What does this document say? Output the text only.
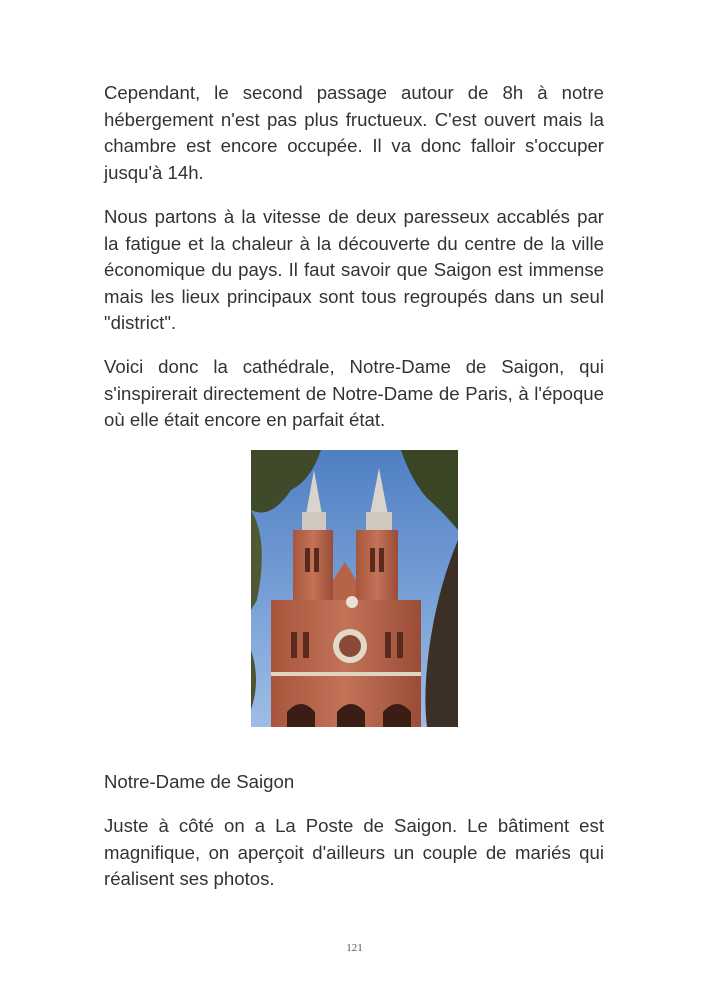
Cependant, le second passage autour de 8h à notre hébergement n'est pas plus fructueux. C'est ouvert mais la chambre est encore occupée. Il va donc falloir s'occuper jusqu'à 14h.

Nous partons à la vitesse de deux paresseux accablés par la fatigue et la chaleur à la découverte du centre de la ville économique du pays. Il faut savoir que Saigon est immense mais les lieux principaux sont tous regroupés dans un seul "district".

Voici donc la cathédrale, Notre-Dame de Saigon, qui s'inspirerait directement de Notre-Dame de Paris, à l'époque où elle était encore en parfait état.

Notre-Dame de Saigon

Juste à côté on a La Poste de Saigon. Le bâtiment est magnifique, on aperçoit d'ailleurs un couple de mariés qui réalisent ses photos.

121
